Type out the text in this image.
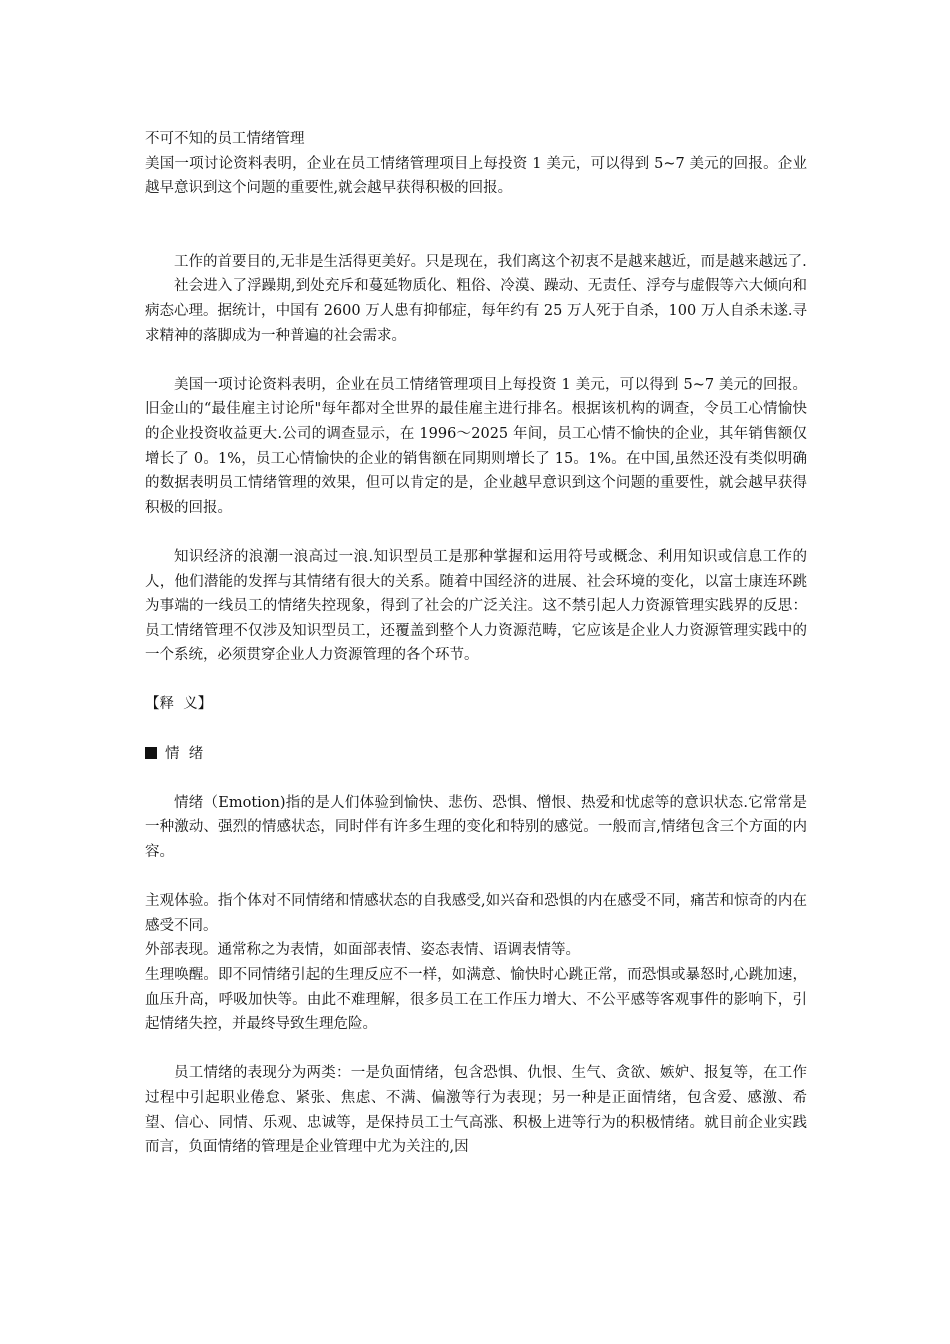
不可不知的员工情绪管理

美国一项讨论资料表明，企业在员工情绪管理项目上每投资 1 美元，可以得到 5~7 美元的回报。企业越早意识到这个问题的重要性,就会越早获得积极的回报。

工作的首要目的,无非是生活得更美好。只是现在，我们离这个初衷不是越来越近，而是越来越远了.

社会进入了浮躁期,到处充斥和蔓延物质化、粗俗、冷漠、躁动、无责任、浮夸与虚假等六大倾向和病态心理。据统计，中国有 2600 万人患有抑郁症，每年约有 25 万人死于自杀，100 万人自杀未遂.寻求精神的落脚成为一种普遍的社会需求。

美国一项讨论资料表明，企业在员工情绪管理项目上每投资 1 美元，可以得到 5~7 美元的回报。旧金山的“最佳雇主讨论所"每年都对全世界的最佳雇主进行排名。根据该机构的调查，令员工心情愉快的企业投资收益更大.公司的调查显示，在 1996～2025 年间，员工心情不愉快的企业，其年销售额仅增长了 0。1%，员工心情愉快的企业的销售额在同期则增长了 15。1%。在中国,虽然还没有类似明确的数据表明员工情绪管理的效果，但可以肯定的是，企业越早意识到这个问题的重要性，就会越早获得积极的回报。

知识经济的浪潮一浪高过一浪.知识型员工是那种掌握和运用符号或概念、利用知识或信息工作的人，他们潜能的发挥与其情绪有很大的关系。随着中国经济的进展、社会环境的变化，以富士康连环跳为事端的一线员工的情绪失控现象，得到了社会的广泛关注。这不禁引起人力资源管理实践界的反思：员工情绪管理不仅涉及知识型员工，还覆盖到整个人力资源范畴，它应该是企业人力资源管理实践中的一个系统，必须贯穿企业人力资源管理的各个环节。

【释  义】

情  绪

情绪（Emotion)指的是人们体验到愉快、悲伤、恐惧、憎恨、热爱和忧虑等的意识状态.它常常是一种激动、强烈的情感状态，同时伴有许多生理的变化和特别的感觉。一般而言,情绪包含三个方面的内容。

主观体验。指个体对不同情绪和情感状态的自我感受,如兴奋和恐惧的内在感受不同，痛苦和惊奇的内在感受不同。

外部表现。通常称之为表情，如面部表情、姿态表情、语调表情等。

生理唤醒。即不同情绪引起的生理反应不一样，如满意、愉快时心跳正常，而恐惧或暴怒时,心跳加速，血压升高，呼吸加快等。由此不难理解，很多员工在工作压力增大、不公平感等客观事件的影响下，引起情绪失控，并最终导致生理危险。

员工情绪的表现分为两类：一是负面情绪，包含恐惧、仇恨、生气、贪欲、嫉妒、报复等，在工作过程中引起职业倦怠、紧张、焦虑、不满、偏激等行为表现；另一种是正面情绪，包含爱、感激、希望、信心、同情、乐观、忠诚等，是保持员工士气高涨、积极上进等行为的积极情绪。就目前企业实践而言，负面情绪的管理是企业管理中尤为关注的,因
